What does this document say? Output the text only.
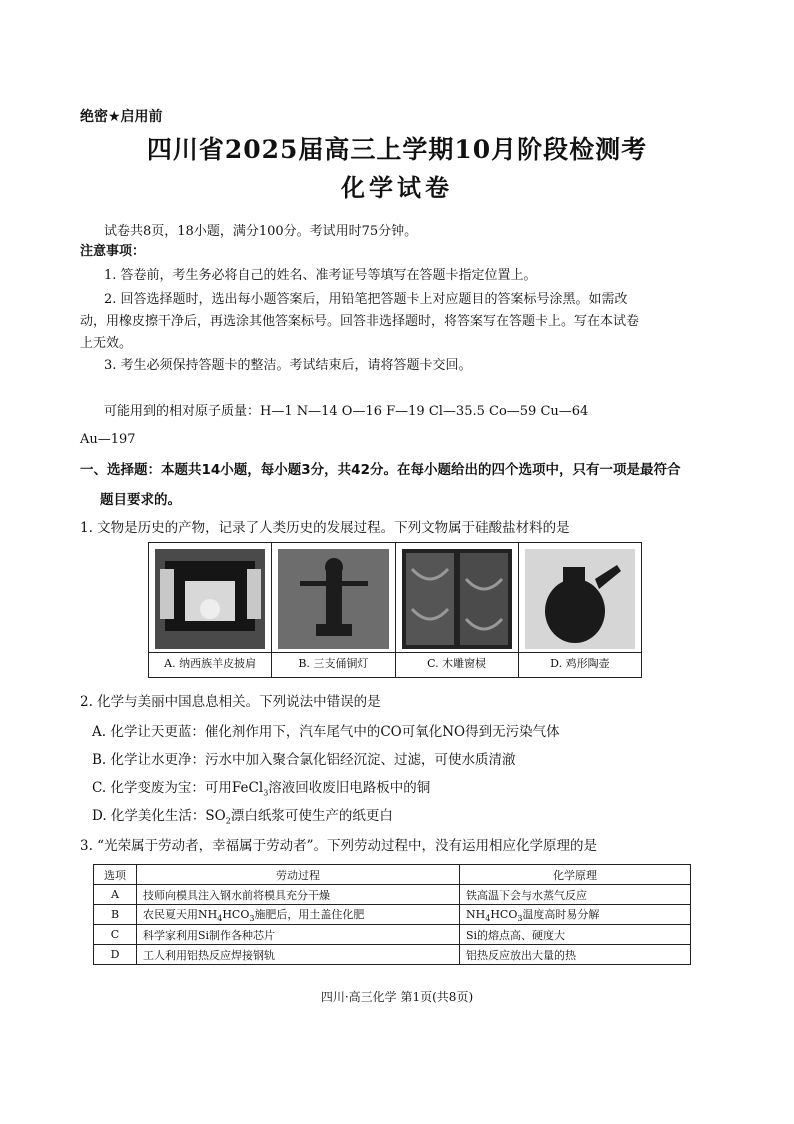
绝密★启用前
四川省2025届高三上学期10月阶段检测考
化学试卷
试卷共8页，18小题，满分100分。考试用时75分钟。
注意事项：
1. 答卷前，考生务必将自己的姓名、准考证号等填写在答题卡指定位置上。
2. 回答选择题时，选出每小题答案后，用铅笔把答题卡上对应题目的答案标号涂黑。如需改
动，用橡皮擦干净后，再选涂其他答案标号。回答非选择题时，将答案写在答题卡上。写在本试卷
上无效。
3. 考生必须保持答题卡的整洁。考试结束后，请将答题卡交回。
可能用到的相对原子质量：H—1 N—14 O—16 F—19 Cl—35.5 Co—59 Cu—64
Au—197
一、选择题：本题共14小题，每小题3分，共42分。在每小题给出的四个选项中，只有一项是最符合
题目要求的。
1. 文物是历史的产物，记录了人类历史的发展过程。下列文物属于硅酸盐材料的是
A. 纳西族羊皮披肩	B. 三支俑铜灯	C. 木雕窗棂	D. 鸡形陶壶
2. 化学与美丽中国息息相关。下列说法中错误的是
A. 化学让天更蓝：催化剂作用下，汽车尾气中的CO可氧化NO得到无污染气体
B. 化学让水更净：污水中加入聚合氯化铝经沉淀、过滤，可使水质清澈
C. 化学变废为宝：可用FeCl$_3$溶液回收废旧电路板中的铜
D. 化学美化生活：$SO_2$漂白纸浆可使生产的纸更白
3. “光荣属于劳动者，幸福属于劳动者”。下列劳动过程中，没有运用相应化学原理的是
选项	劳动过程	化学原理
A	技师向模具注入钢水前将模具充分干燥	铁高温下会与水蒸气反应
B	农民夏天用$NH_4HCO_3$施肥后，用土盖住化肥	$NH_4HCO_3$温度高时易分解
C	科学家利用Si制作各种芯片	Si的熔点高、硬度大
D	工人利用铝热反应焊接钢轨	铝热反应放出大量的热
四川·高三化学 第1页(共8页)
